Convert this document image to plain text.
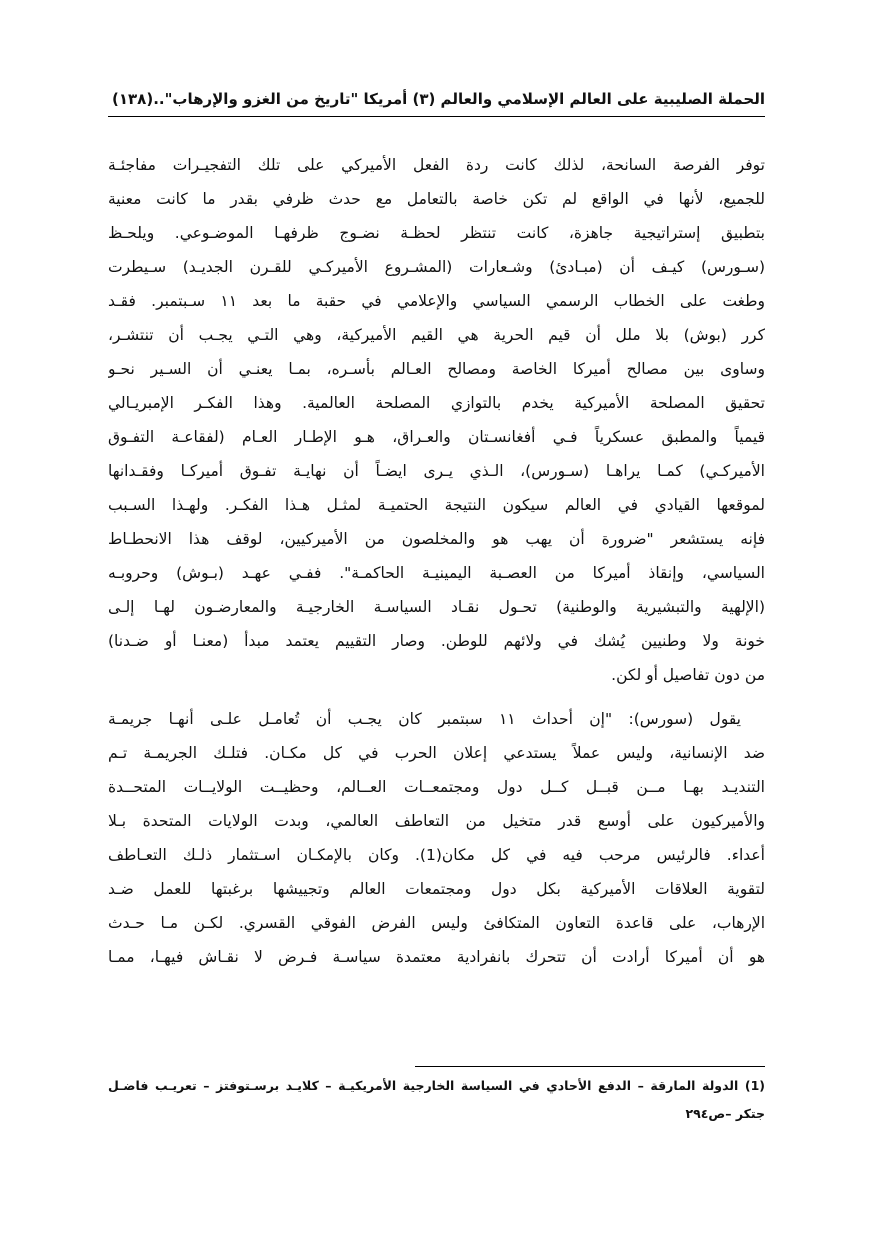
الحملة الصليبية على العالم الإسلامي والعالم (٣) أمريكا "تاريخ من الغزو والإرهاب"..
(١٣٨)
توفر الفرصة السانحة، لذلك كانت ردة الفعل الأميركي على تلك التفجيـرات مفاجئـة
للجميع، لأنها في الواقع لم تكن خاصة بالتعامل مع حدث ظرفي بقدر ما كانت معنية
بتطبيق إستراتيجية جاهزة، كانت تنتظر لحظـة نضـوج ظرفهـا الموضـوعي. ويلحـظ
(سـورس) كيـف أن (مبـادئ) وشـعارات (المشـروع الأميركـي للقـرن الجديـد) سـيطرت
وطغت على الخطاب الرسمي السياسي والإعلامي في حقبة ما بعد ١١ سـبتمبر. فقـد
كرر (بوش) بلا ملل أن قيم الحرية هي القيم الأميركية، وهي التـي يجـب أن تنتشـر،
وساوى بين مصالح أميركا الخاصة ومصالح العـالم بأسـره، بمـا يعنـي أن السـير نحـو
تحقيق المصلحة الأميركية يخدم بالتوازي المصلحة العالمية. وهذا الفكـر الإمبريـالي
قيمياً والمطبق عسكرياً فـي أفغانسـتان والعـراق، هـو الإطـار العـام (لفقاعـة التفـوق
الأميركـي) كمـا يراهـا (سـورس)، الـذي يـرى ايضـاً أن نهايـة تفـوق أميركـا وفقـدانها
لموقعها القيادي في العالم سيكون النتيجة الحتميـة لمثـل هـذا الفكـر. ولهـذا السـبب
فإنه يستشعر "ضرورة أن يهب هو والمخلصون من الأميركيين، لوقف هذا الانحطـاط
السياسي، وإنقاذ أميركا من العصـبة اليمينيـة الحاكمـة". ففـي عهـد (بـوش) وحروبـه
(الإلهية والتبشيرية والوطنية) تحـول نقـاد السياسـة الخارجيـة والمعارضـون لهـا إلـى
خونة ولا وطنيين يُشك في ولائهم للوطن. وصار التقييم يعتمد مبدأ (معنـا أو ضـدنا)
من دون تفاصيل أو لكن.
يقول (سورس): "إن أحداث ١١ سبتمبر كان يجـب أن تُعامـل علـى أنهـا جريمـة
ضد الإنسانية، وليس عملاً يستدعي إعلان الحرب في كل مكـان. فتلـك الجريمـة تـم
التنديـد بهـا مــن قبــل كــل دول ومجتمعــات العــالم، وحظيــت الولايــات المتحــدة
والأميركيون على أوسع قدر متخيل من التعاطف العالمي، وبدت الولايات المتحدة بـلا
أعداء. فالرئيس مرحب فيه في كل مكان(1). وكان بالإمكـان اسـتثمار ذلـك التعـاطف
لتقوية العلاقات الأميركية بكل دول ومجتمعات العالم وتجييشها برغبتها للعمل ضـد
الإرهاب، على قاعدة التعاون المتكافئ وليس الفرض الفوقي القسري. لكـن مـا حـدث
هو أن أميركا أرادت أن تتحرك بانفرادية معتمدة سياسـة فـرض لا نقـاش فيهـا، ممـا
(1) الدولة المارقة – الدفع الأحادي في السياسة الخارجية الأمريكيـة – كلايـد برسـتوفتز – تعريـب فاضـل
جتكر –ص٢٩٤
